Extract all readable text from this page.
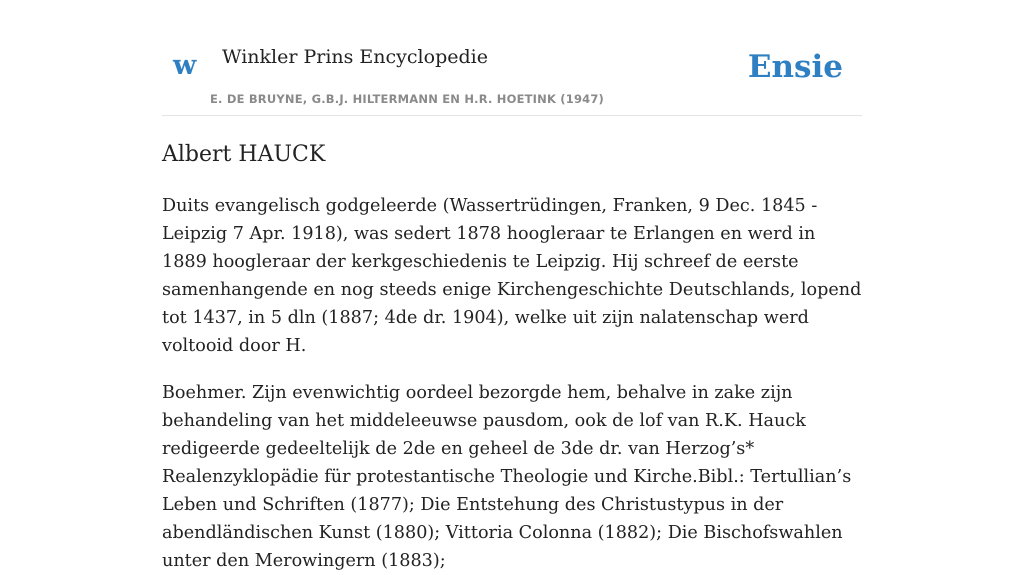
w Winkler Prins Encyclopedie
E. DE BRUYNE, G.B.J. HILTERMANN EN H.R. HOETINK (1947)
Ensie
Albert HAUCK

Duits evangelisch godgeleerde (Wassertrüdingen, Franken, 9 Dec. 1845 - Leipzig 7 Apr. 1918), was sedert 1878 hoogleraar te Erlangen en werd in 1889 hoogleraar der kerkgeschiedenis te Leipzig. Hij schreef de eerste samenhangende en nog steeds enige Kirchengeschichte Deutschlands, lopend tot 1437, in 5 dln (1887; 4de dr. 1904), welke uit zijn nalatenschap werd voltooid door H.

Boehmer. Zijn evenwichtig oordeel bezorgde hem, behalve in zake zijn behandeling van het middeleeuwse pausdom, ook de lof van R.K. Hauck redigeerde gedeeltelijk de 2de en geheel de 3de dr. van Herzog’s* Realenzyklopädie für protestantische Theologie und Kirche.Bibl.: Tertullian’s Leben und Schriften (1877); Die Entstehung des Christustypus in der abendländischen Kunst (1880); Vittoria Colonna (1882); Die Bischofswahlen unter den Merowingern (1883);
